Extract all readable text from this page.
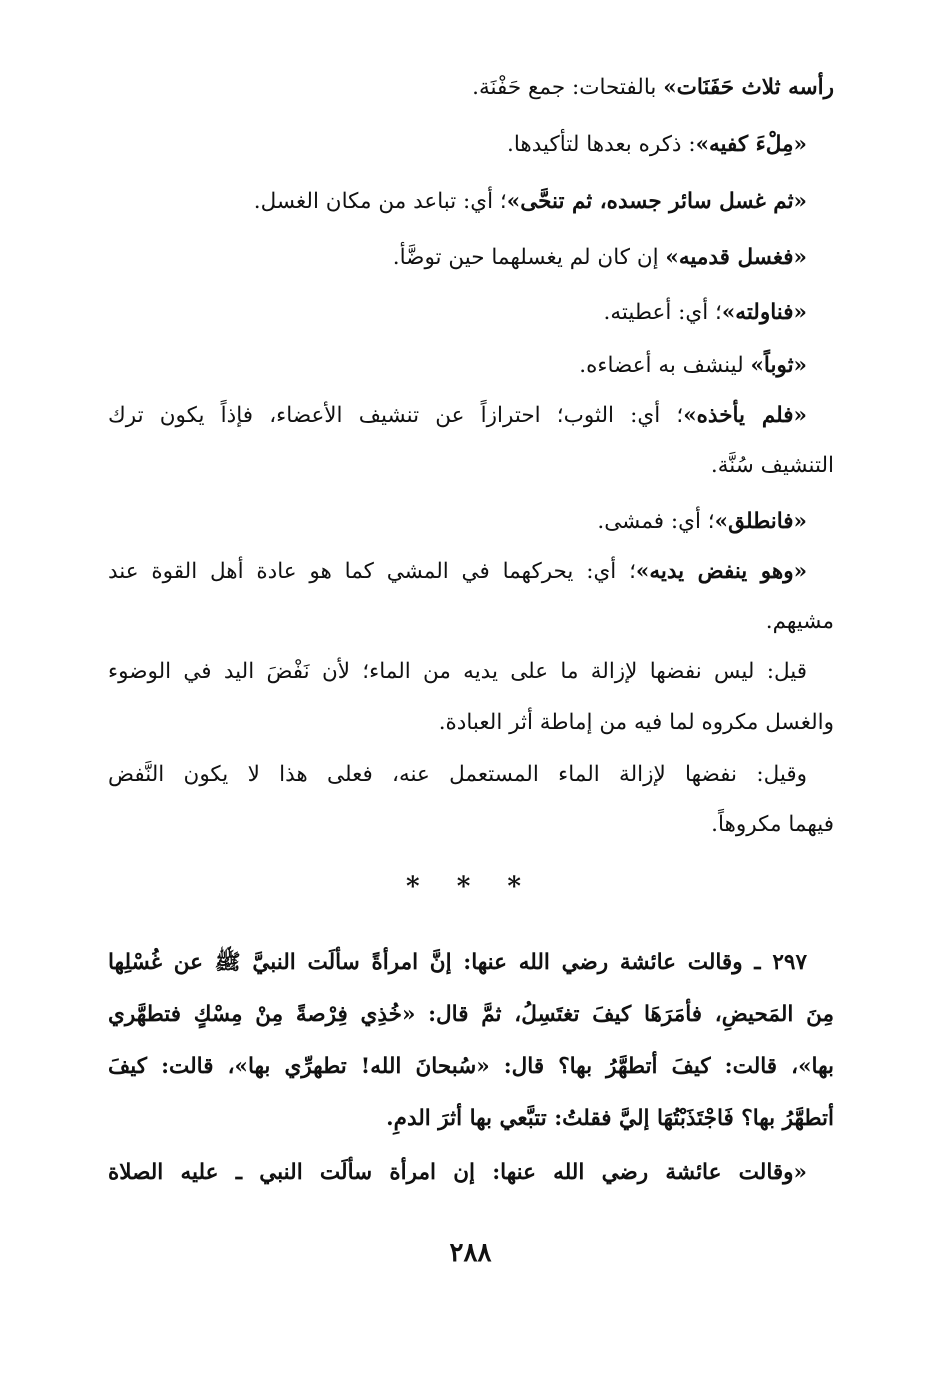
رأسه ثلاث حَفَنَات» بالفتحات: جمع حَفْنَة.
«مِلْءَ كفيه»: ذكره بعدها لتأكيدها.
«ثم غسل سائر جسده، ثم تنحَّى»؛ أي: تباعد من مكان الغسل.
«فغسل قدميه» إن كان لم يغسلهما حين توضَّأ.
«فناولته»؛ أي: أعطيته.
«ثوباً» لينشف به أعضاءه.
«فلم يأخذه»؛ أي: الثوب؛ احترازاً عن تنشيف الأعضاء، فإذاً يكون ترك
التنشيف سُنَّة.
«فانطلق»؛ أي: فمشى.
«وهو ينفض يديه»؛ أي: يحركهما في المشي كما هو عادة أهل القوة عند
مشيهم.
قيل: ليس نفضها لإزالة ما على يديه من الماء؛ لأن نَفْضَ اليد في الوضوء
والغسل مكروه لما فيه من إماطة أثر العبادة.
وقيل: نفضها لإزالة الماء المستعمل عنه، فعلى هذا لا يكون النَّفض
فيهما مكروهاً.
* * *
٢٩٧ ـ وقالت عائشة رضي الله عنها: إنَّ امرأةً سألَت النبيَّ ﷺ عن غُسْلِها
مِنَ المَحيضِ، فأمَرَهَا كيفَ تغتَسِلُ، ثمَّ قال: «خُذِي فِرْصةً مِنْ مِسْكٍ فتطهَّري
بها»، قالت: كيفَ أتطهَّرُ بها؟ قال: «سُبحانَ الله! تطهرِّي بها»، قالت: كيفَ
أتطهَّرُ بها؟ فَاجْتَذَبْتُهَا إليَّ فقلتُ: تتبَّعي بها أثرَ الدمِ.
«وقالت عائشة رضي الله عنها: إن امرأة سألَت النبي ـ عليه الصلاة
٢٨٨
